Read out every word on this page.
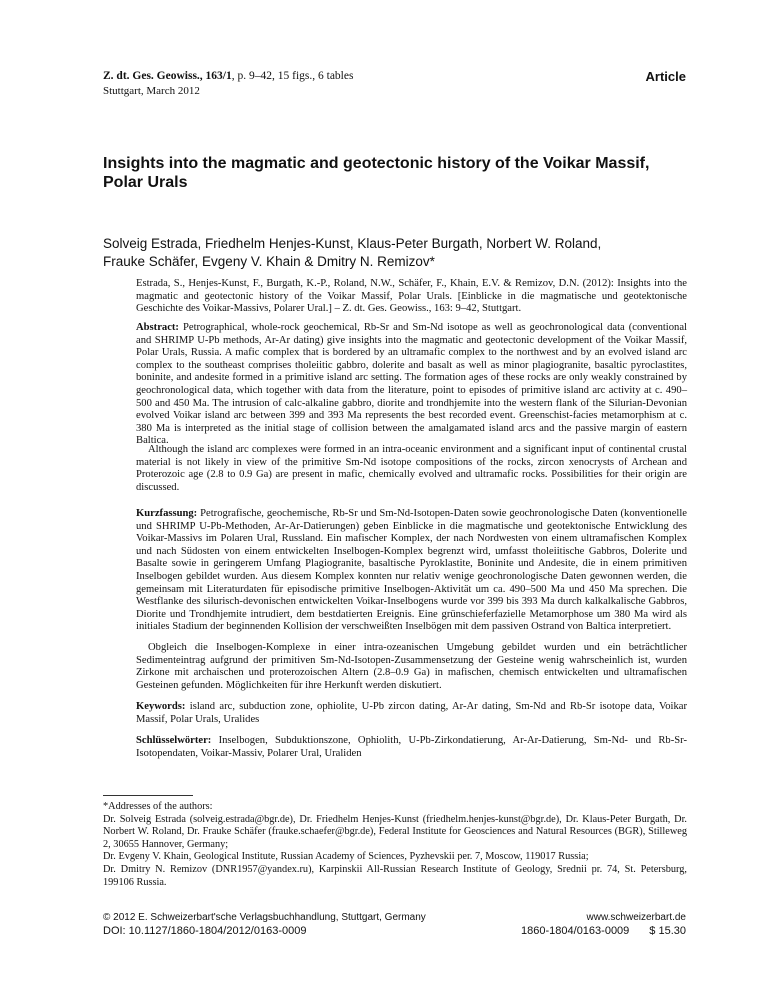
Z. dt. Ges. Geowiss., 163/1, p. 9–42, 15 figs., 6 tables
Stuttgart, March 2012
Article
Insights into the magmatic and geotectonic history of the Voikar Massif,
Polar Urals
Solveig Estrada, Friedhelm Henjes-Kunst, Klaus-Peter Burgath, Norbert W. Roland,
Frauke Schäfer, Evgeny V. Khain & Dmitry N. Remizov*

Estrada, S., Henjes-Kunst, F., Burgath, K.-P., Roland, N.W., Schäfer, F., Khain, E.V. & Remizov, D.N. (2012): Insights into the magmatic and geotectonic history of the Voikar Massif, Polar Urals. [Einblicke in die magmatische und geotektonische Geschichte des Voikar-Massivs, Polarer Ural.] – Z. dt. Ges. Geowiss., 163: 9–42, Stuttgart.

Abstract: Petrographical, whole-rock geochemical, Rb-Sr and Sm-Nd isotope as well as geochronological data (conventional and SHRIMP U-Pb methods, Ar-Ar dating) give insights into the magmatic and geotectonic development of the Voikar Massif, Polar Urals, Russia. A mafic complex that is bordered by an ultramafic complex to the northwest and by an evolved island arc complex to the southeast comprises tholeiitic gabbro, dolerite and basalt as well as minor plagiogranite, basaltic pyroclastites, boninite, and andesite formed in a primitive island arc setting. The formation ages of these rocks are only weakly constrained by geochronological data, which together with data from the literature, point to episodes of primitive island arc activity at c. 490–500 and 450 Ma. The intrusion of calc-alkaline gabbro, diorite and trondhjemite into the western flank of the Silurian-Devonian evolved Voikar island arc between 399 and 393 Ma represents the best recorded event. Greenschist-facies metamorphism at c. 380 Ma is interpreted as the initial stage of collision between the amalgamated island arcs and the passive margin of eastern Baltica.

Although the island arc complexes were formed in an intra-oceanic environment and a significant input of continental crustal material is not likely in view of the primitive Sm-Nd isotope compositions of the rocks, zircon xenocrysts of Archean and Proterozoic age (2.8 to 0.9 Ga) are present in mafic, chemically evolved and ultramafic rocks. Possibilities for their origin are discussed.

Kurzfassung: Petrografische, geochemische, Rb-Sr und Sm-Nd-Isotopen-Daten sowie geochronologische Daten (konventionelle und SHRIMP U-Pb-Methoden, Ar-Ar-Datierungen) geben Einblicke in die magmatische und geotektonische Entwicklung des Voikar-Massivs im Polaren Ural, Russland. Ein mafischer Komplex, der nach Nordwesten von einem ultramafischen Komplex und nach Südosten von einem entwickelten Inselbogen-Komplex begrenzt wird, umfasst tholeiitische Gabbros, Dolerite und Basalte sowie in geringerem Umfang Plagiogranite, basaltische Pyroklastite, Boninite und Andesite, die in einem primitiven Inselbogen gebildet wurden. Aus diesem Komplex konnten nur relativ wenige geochronologische Daten gewonnen werden, die gemeinsam mit Literaturdaten für episodische primitive Inselbogen-Aktivität um ca. 490–500 Ma und 450 Ma sprechen. Die Westflanke des silurisch-devonischen entwickelten Voikar-Inselbogens wurde vor 399 bis 393 Ma durch kalkalkalische Gabbros, Diorite und Trondhjemite intrudiert, dem bestdatierten Ereignis. Eine grünschieferfazielle Metamorphose um 380 Ma wird als initiales Stadium der beginnenden Kollision der verschweißten Inselbögen mit dem passiven Ostrand von Baltica interpretiert.

Obgleich die Inselbogen-Komplexe in einer intra-ozeanischen Umgebung gebildet wurden und ein beträchtlicher Sedimenteintrag aufgrund der primitiven Sm-Nd-Isotopen-Zusammensetzung der Gesteine wenig wahrscheinlich ist, wurden Zirkone mit archaischen und proterozoischen Altern (2.8–0.9 Ga) in mafischen, chemisch entwickelten und ultramafischen Gesteinen gefunden. Möglichkeiten für ihre Herkunft werden diskutiert.

Keywords: island arc, subduction zone, ophiolite, U-Pb zircon dating, Ar-Ar dating, Sm-Nd and Rb-Sr isotope data, Voikar Massif, Polar Urals, Uralides

Schlüsselwörter: Inselbogen, Subduktionszone, Ophiolith, U-Pb-Zirkondatierung, Ar-Ar-Datierung, Sm-Nd- und Rb-Sr-Isotopendaten, Voikar-Massiv, Polarer Ural, Uraliden

*Addresses of the authors:

Dr. Solveig Estrada (solveig.estrada@bgr.de), Dr. Friedhelm Henjes-Kunst (friedhelm.henjes-kunst@bgr.de), Dr. Klaus-Peter Burgath, Dr. Norbert W. Roland, Dr. Frauke Schäfer (frauke.schaefer@bgr.de), Federal Institute for Geosciences and Natural Resources (BGR), Stilleweg 2, 30655 Hannover, Germany;

Dr. Evgeny V. Khain, Geological Institute, Russian Academy of Sciences, Pyzhevskii per. 7, Moscow, 119017 Russia;

Dr. Dmitry N. Remizov (DNR1957@yandex.ru), Karpinskii All-Russian Research Institute of Geology, Srednii pr. 74, St. Petersburg, 199106 Russia.

© 2012 E. Schweizerbart'sche Verlagsbuchhandlung, Stuttgart, Germany
DOI: 10.1127/1860-1804/2012/0163-0009
www.schweizerbart.de
1860-1804/0163-0009 $ 15.30
